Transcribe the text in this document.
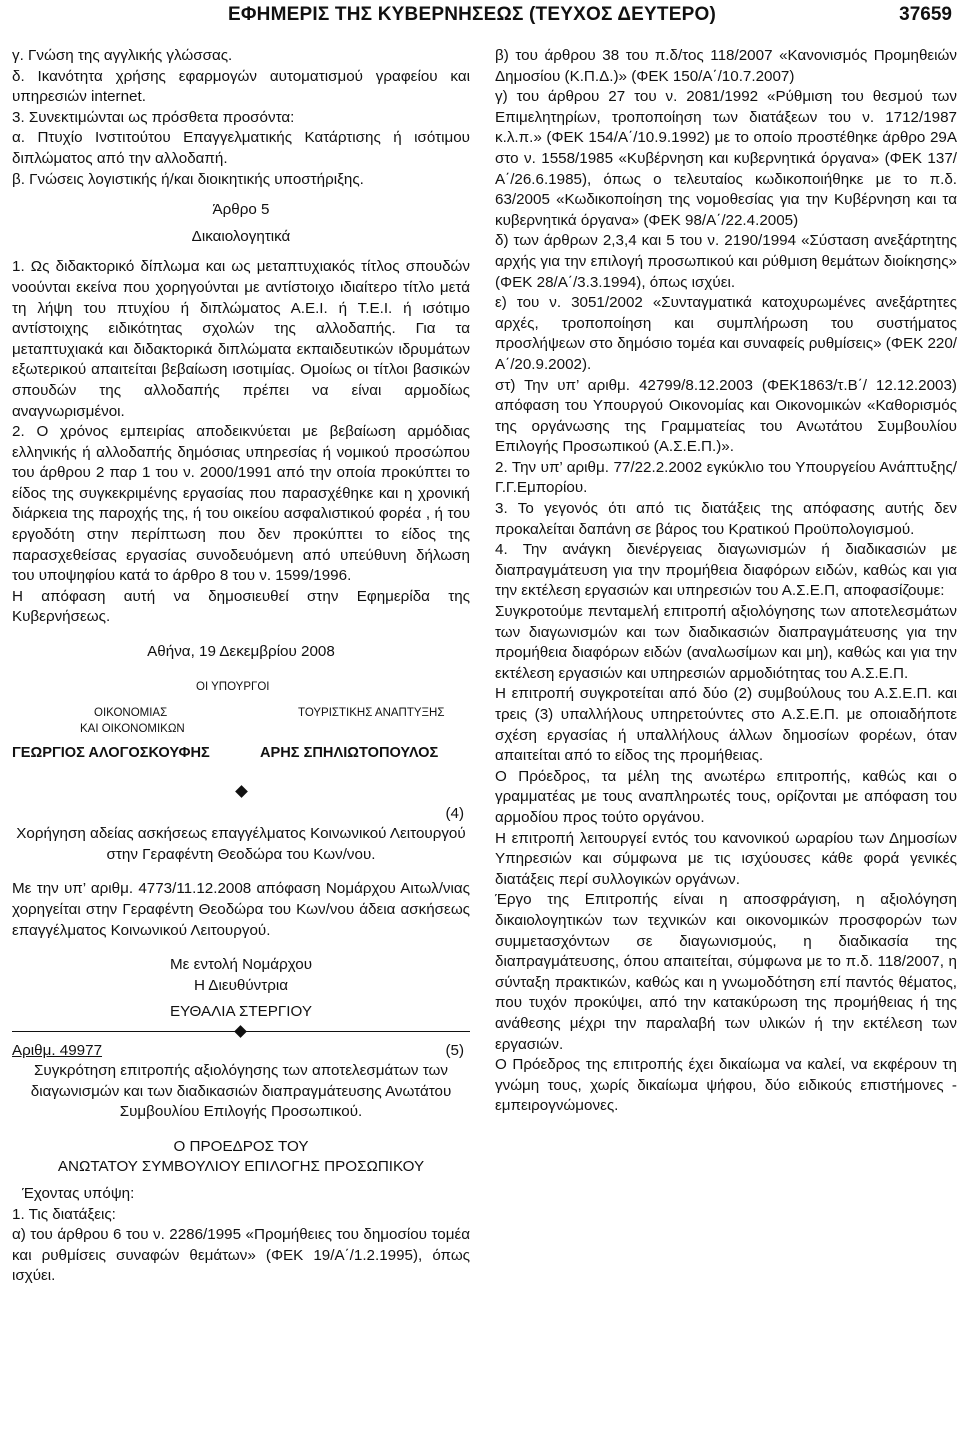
ΕΦΗΜΕΡΙΣ ΤΗΣ ΚΥΒΕΡΝΗΣΕΩΣ (ΤΕΥΧΟΣ ΔΕΥΤΕΡΟ)	37659

γ. Γνώση της αγγλικής γλώσσας.

δ. Ικανότητα χρήσης εφαρμογών αυτοματισμού γραφείου και υπηρεσιών internet.

3. Συνεκτιμώνται ως πρόσθετα προσόντα:

α. Πτυχίο Ινστιτούτου Επαγγελματικής Κατάρτισης ή ισότιμου διπλώματος από την αλλοδαπή.

β. Γνώσεις λογιστικής ή/και διοικητικής υποστήριξης.

Άρθρο 5

Δικαιολογητικά

1. Ως διδακτορικό δίπλωμα και ως μεταπτυχιακός τίτλος σπουδών νοούνται εκείνα που χορηγούνται με αντίστοιχο ιδιαίτερο τίτλο μετά τη λήψη του πτυχίου ή διπλώματος Α.Ε.Ι. ή Τ.Ε.Ι. ή ισότιμο αντίστοιχης ειδικότητας σχολών της αλλοδαπής. Για τα μεταπτυχιακά και διδακτορικά διπλώματα εκπαιδευτικών ιδρυμάτων εξωτερικού απαιτείται βεβαίωση ισοτιμίας. Ομοίως οι τίτλοι βασικών σπουδών της αλλοδαπής πρέπει να είναι αρμοδίως αναγνωρισμένοι.

2. Ο χρόνος εμπειρίας αποδεικνύεται με βεβαίωση αρμόδιας ελληνικής ή αλλοδαπής δημόσιας υπηρεσίας ή νομικού προσώπου του άρθρου 2 παρ 1 του ν. 2000/1991 από την οποία προκύπτει το είδος της συγκεκριμένης εργασίας που παρασχέθηκε και η χρονική διάρκεια της παροχής της, ή του οικείου ασφαλιστικού φορέα , ή του εργοδότη στην περίπτωση που δεν προκύπτει το είδος της παρασχεθείσας εργασίας συνοδευόμενη από υπεύθυνη δήλωση του υποψηφίου κατά το άρθρο 8 του ν. 1599/1996.

Η απόφαση αυτή να δημοσιευθεί στην Εφημερίδα της Κυβερνήσεως.

Αθήνα, 19 Δεκεμβρίου 2008

ΟΙ ΥΠΟΥΡΓΟΙ
ΟΙΚΟΝΟΜΙΑΣ
ΚΑΙ ΟΙΚΟΝΟΜΙΚΩΝ
ΤΟΥΡΙΣΤΙΚΗΣ ΑΝΑΠΤΥΞΗΣ
ΓΕΩΡΓΙΟΣ ΑΛΟΓΟΣΚΟΥΦΗΣ	ΑΡΗΣ ΣΠΗΛΙΩΤΟΠΟΥΛΟΣ

(4)

Χορήγηση αδείας ασκήσεως επαγγέλματος Κοινωνικού Λειτουργού στην Γεραφέντη Θεοδώρα του Κων/νου.

Με την υπ’ αριθμ. 4773/11.12.2008 απόφαση Νομάρχου Αιτωλ/νιας χορηγείται στην Γεραφέντη Θεοδώρα του Κων/νου άδεια ασκήσεως επαγγέλματος Κοινωνικού Λειτουργού.

Με εντολή Νομάρχου

Η Διευθύντρια

ΕΥΘΑΛΙΑ ΣΤΕΡΓΙΟΥ

Αριθμ. 49977	(5)

Συγκρότηση επιτροπής αξιολόγησης των αποτελεσμάτων των διαγωνισμών και των διαδικασιών διαπραγμάτευσης Ανωτάτου Συμβουλίου Επιλογής Προσωπικού.

Ο ΠΡΟΕΔΡΟΣ ΤΟΥ

ΑΝΩΤΑΤΟΥ ΣΥΜΒΟΥΛΙΟΥ ΕΠΙΛΟΓΗΣ ΠΡΟΣΩΠΙΚΟΥ

Έχοντας υπόψη:

1. Τις διατάξεις:

α) του άρθρου 6 του ν. 2286/1995 «Προμήθειες του δημοσίου τομέα και ρυθμίσεις συναφών θεμάτων» (ΦΕΚ 19/Α΄/1.2.1995), όπως ισχύει.

β) του άρθρου 38 του π.δ/τος 118/2007 «Κανονισμός Προμηθειών Δημοσίου (Κ.Π.Δ.)» (ΦΕΚ 150/Α΄/10.7.2007)

γ) του άρθρου 27 του ν. 2081/1992 «Ρύθμιση του θεσμού των Επιμελητηρίων, τροποποίηση των διατάξεων του ν. 1712/1987 κ.λ.π.» (ΦΕΚ 154/Α΄/10.9.1992) με το οποίο προστέθηκε άρθρο 29Α στο ν. 1558/1985 «Κυβέρνηση και κυβερνητικά όργανα» (ΦΕΚ 137/Α΄/26.6.1985), όπως ο τελευταίος κωδικοποιήθηκε με το π.δ. 63/2005 «Κωδικοποίηση της νομοθεσίας για την Κυβέρνηση και τα κυβερνητικά όργανα» (ΦΕΚ 98/Α΄/22.4.2005)

δ) των άρθρων 2,3,4 και 5 του ν. 2190/1994 «Σύσταση ανεξάρτητης αρχής για την επιλογή προσωπικού και ρύθμιση θεμάτων διοίκησης» (ΦΕΚ 28/Α΄/3.3.1994), όπως ισχύει.

ε) του ν. 3051/2002 «Συνταγματικά κατοχυρωμένες ανεξάρτητες αρχές, τροποποίηση και συμπλήρωση του συστήματος προσλήψεων στο δημόσιο τομέα και συναφείς ρυθμίσεις» (ΦΕΚ 220/Α΄/20.9.2002).

στ) Την υπ’ αριθμ. 42799/8.12.2003 (ΦΕΚ1863/τ.Β΄/ 12.12.2003) απόφαση του Υπουργού Οικονομίας και Οικονομικών «Καθορισμός της οργάνωσης της Γραμματείας του Ανωτάτου Συμβουλίου Επιλογής Προσωπικού (Α.Σ.Ε.Π.)».

2. Την υπ’ αριθμ. 77/22.2.2002 εγκύκλιο του Υπουργείου Ανάπτυξης/Γ.Γ.Εμπορίου.

3. Το γεγονός ότι από τις διατάξεις της απόφασης αυτής δεν προκαλείται δαπάνη σε βάρος του Κρατικού Προϋπολογισμού.

4. Την ανάγκη διενέργειας διαγωνισμών ή διαδικασιών με διαπραγμάτευση για την προμήθεια διαφόρων ειδών, καθώς και για την εκτέλεση εργασιών και υπηρεσιών του Α.Σ.Ε.Π, αποφασίζουμε:

Συγκροτούμε πενταμελή επιτροπή αξιολόγησης των αποτελεσμάτων των διαγωνισμών και των διαδικασιών διαπραγμάτευσης για την προμήθεια διαφόρων ειδών (αναλωσίμων και μη), καθώς και για την εκτέλεση εργασιών και υπηρεσιών αρμοδιότητας του Α.Σ.Ε.Π.

Η επιτροπή συγκροτείται από δύο (2) συμβούλους του Α.Σ.Ε.Π. και τρεις (3) υπαλλήλους υπηρετούντες στο Α.Σ.Ε.Π. με οποιαδήποτε σχέση εργασίας ή υπαλλήλους άλλων δημοσίων φορέων, όταν απαιτείται από το είδος της προμήθειας.

Ο Πρόεδρος, τα μέλη της ανωτέρω επιτροπής, καθώς και ο γραμματέας με τους αναπληρωτές τους, ορίζονται με απόφαση του αρμοδίου προς τούτο οργάνου.

Η επιτροπή λειτουργεί εντός του κανονικού ωραρίου των Δημοσίων Υπηρεσιών και σύμφωνα με τις ισχύουσες κάθε φορά γενικές διατάξεις περί συλλογικών οργάνων.

Έργο της Επιτροπής είναι η αποσφράγιση, η αξιολόγηση δικαιολογητικών των τεχνικών και οικονομικών προσφορών των συμμετασχόντων σε διαγωνισμούς, η διαδικασία της διαπραγμάτευσης, όπου απαιτείται, σύμφωνα με το π.δ. 118/2007, η σύνταξη πρακτικών, καθώς και η γνωμοδότηση επί παντός θέματος, που τυχόν προκύψει, από την κατακύρωση της προμήθειας ή της ανάθεσης μέχρι την παραλαβή των υλικών ή την εκτέλεση των εργασιών.

Ο Πρόεδρος της επιτροπής έχει δικαίωμα να καλεί, να εκφέρουν τη γνώμη τους, χωρίς δικαίωμα ψήφου, δύο ειδικούς επιστήμονες - εμπειρογνώμονες.
